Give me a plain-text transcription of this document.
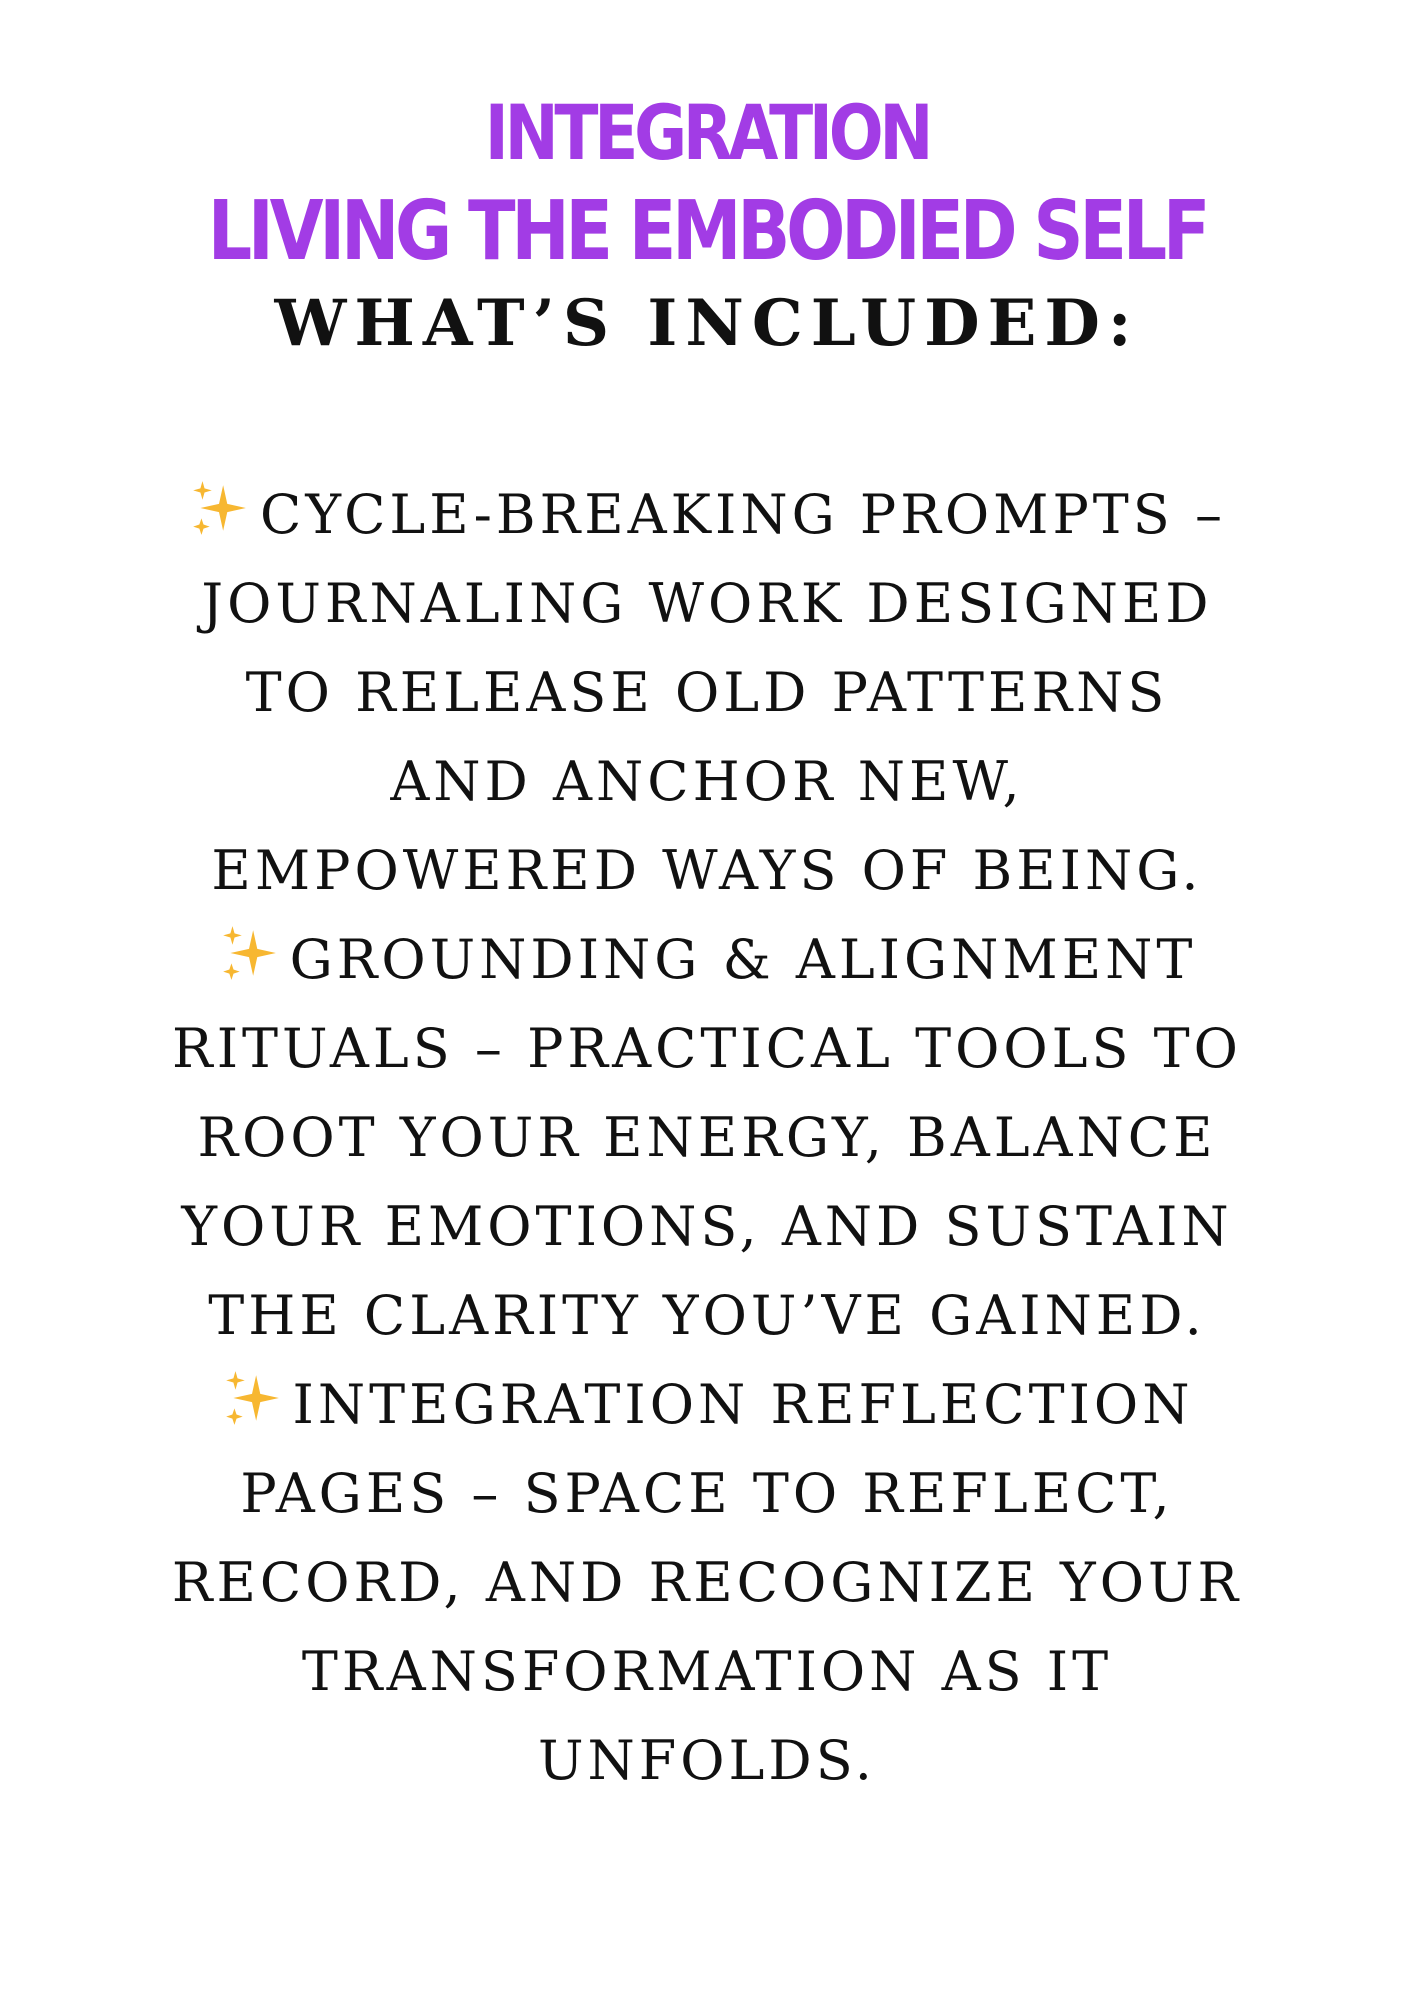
INTEGRATION
LIVING THE EMBODIED SELF
WHAT’S INCLUDED:
CYCLE-BREAKING PROMPTS – JOURNALING WORK DESIGNED TO RELEASE OLD PATTERNS AND ANCHOR NEW, EMPOWERED WAYS OF BEING.
GROUNDING & ALIGNMENT RITUALS – PRACTICAL TOOLS TO ROOT YOUR ENERGY, BALANCE YOUR EMOTIONS, AND SUSTAIN THE CLARITY YOU’VE GAINED.
INTEGRATION REFLECTION PAGES – SPACE TO REFLECT, RECORD, AND RECOGNIZE YOUR TRANSFORMATION AS IT UNFOLDS.
